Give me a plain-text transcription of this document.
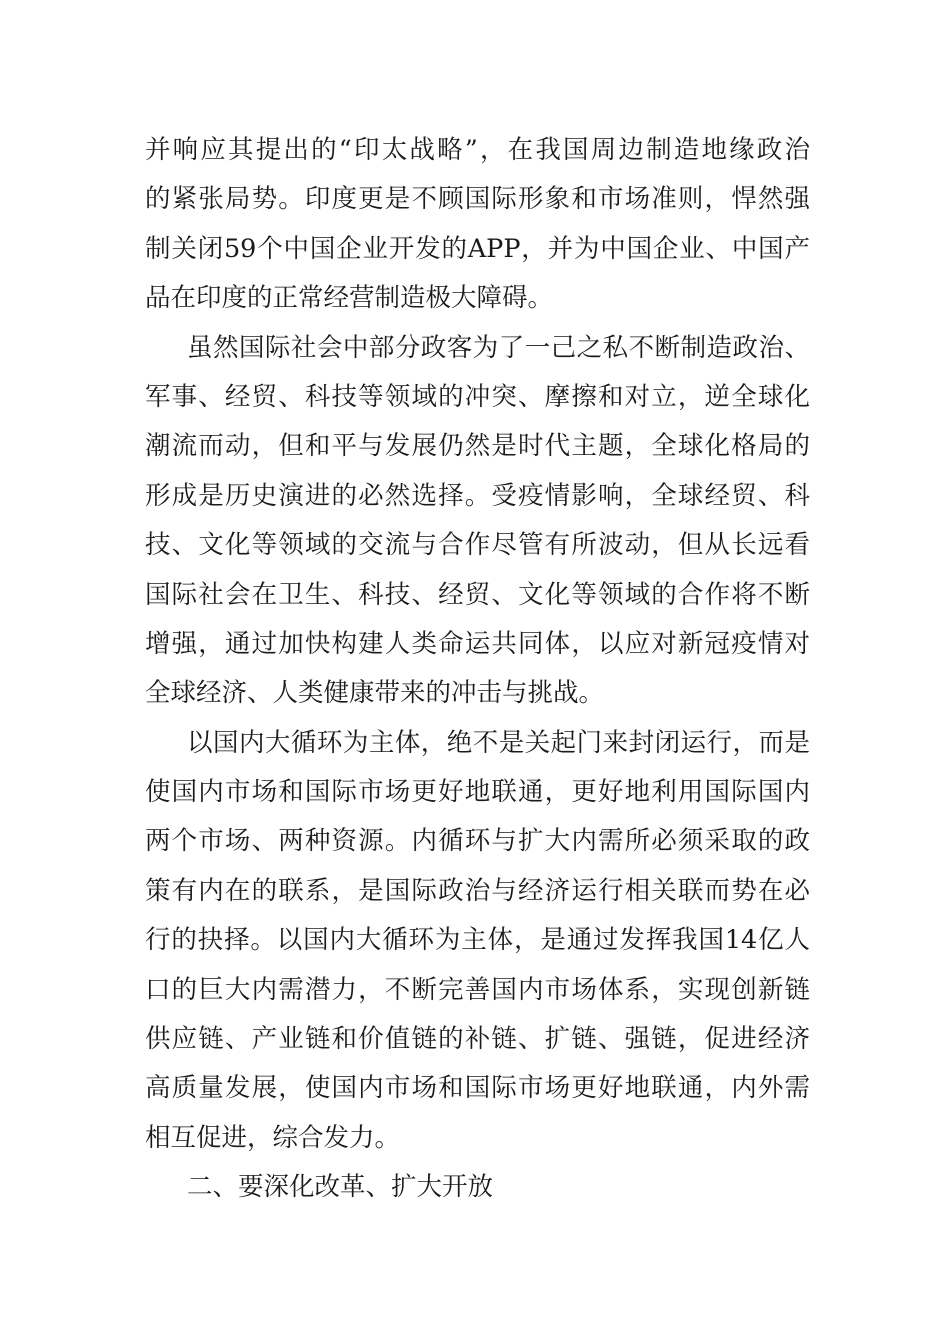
并响应其提出的“印太战略”，在我国周边制造地缘政治
的紧张局势。印度更是不顾国际形象和市场准则，悍然强
制关闭59个中国企业开发的APP，并为中国企业、中国产
品在印度的正常经营制造极大障碍。
虽然国际社会中部分政客为了一己之私不断制造政治、
军事、经贸、科技等领域的冲突、摩擦和对立，逆全球化
潮流而动，但和平与发展仍然是时代主题，全球化格局的
形成是历史演进的必然选择。受疫情影响，全球经贸、科
技、文化等领域的交流与合作尽管有所波动，但从长远看
国际社会在卫生、科技、经贸、文化等领域的合作将不断
增强，通过加快构建人类命运共同体，以应对新冠疫情对
全球经济、人类健康带来的冲击与挑战。
以国内大循环为主体，绝不是关起门来封闭运行，而是
使国内市场和国际市场更好地联通，更好地利用国际国内
两个市场、两种资源。内循环与扩大内需所必须采取的政
策有内在的联系，是国际政治与经济运行相关联而势在必
行的抉择。以国内大循环为主体，是通过发挥我国14亿人
口的巨大内需潜力，不断完善国内市场体系，实现创新链
供应链、产业链和价值链的补链、扩链、强链，促进经济
高质量发展，使国内市场和国际市场更好地联通，内外需
相互促进，综合发力。
二、要深化改革、扩大开放
